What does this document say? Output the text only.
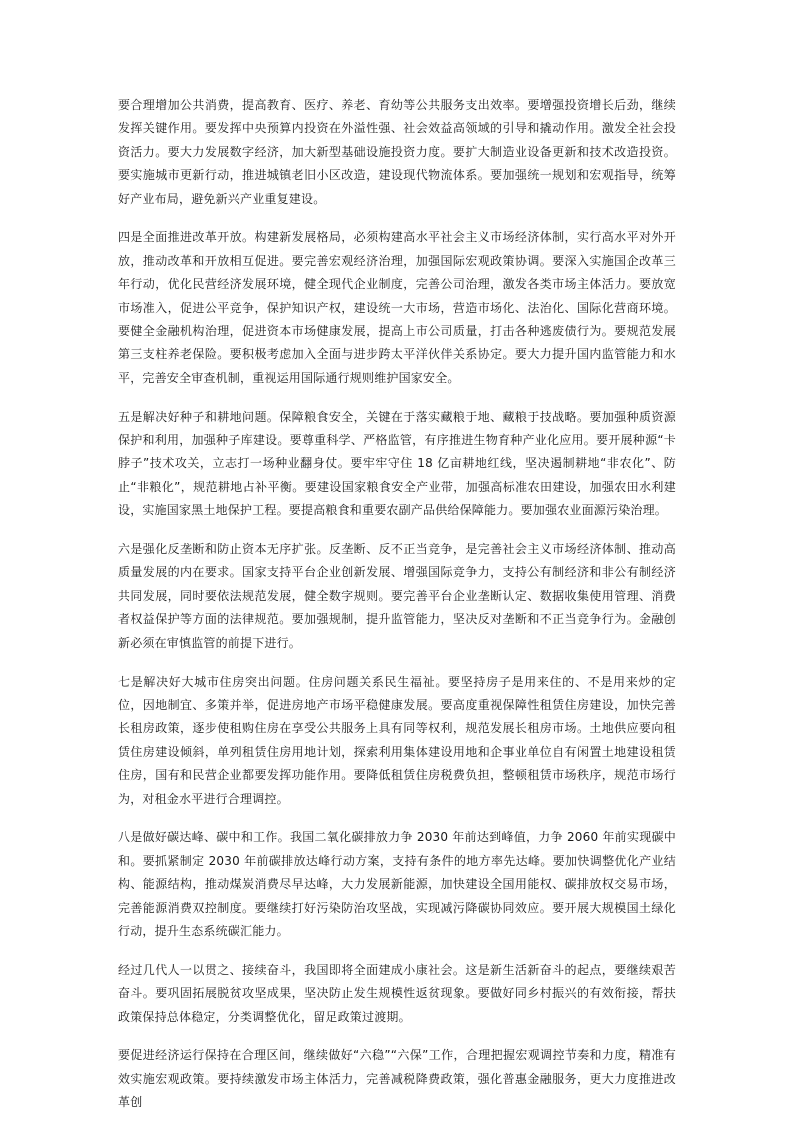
要合理增加公共消费，提高教育、医疗、养老、育幼等公共服务支出效率。要增强投资增长后劲，继续发挥关键作用。要发挥中央预算内投资在外溢性强、社会效益高领域的引导和撬动作用。激发全社会投资活力。要大力发展数字经济，加大新型基础设施投资力度。要扩大制造业设备更新和技术改造投资。要实施城市更新行动，推进城镇老旧小区改造，建设现代物流体系。要加强统一规划和宏观指导，统筹好产业布局，避免新兴产业重复建设。

四是全面推进改革开放。构建新发展格局，必须构建高水平社会主义市场经济体制，实行高水平对外开放，推动改革和开放相互促进。要完善宏观经济治理，加强国际宏观政策协调。要深入实施国企改革三年行动，优化民营经济发展环境，健全现代企业制度，完善公司治理，激发各类市场主体活力。要放宽市场准入，促进公平竞争，保护知识产权，建设统一大市场，营造市场化、法治化、国际化营商环境。要健全金融机构治理，促进资本市场健康发展，提高上市公司质量，打击各种逃废债行为。要规范发展第三支柱养老保险。要积极考虑加入全面与进步跨太平洋伙伴关系协定。要大力提升国内监管能力和水平，完善安全审查机制，重视运用国际通行规则维护国家安全。

五是解决好种子和耕地问题。保障粮食安全，关键在于落实藏粮于地、藏粮于技战略。要加强种质资源保护和利用，加强种子库建设。要尊重科学、严格监管，有序推进生物育种产业化应用。要开展种源“卡脖子”技术攻关，立志打一场种业翻身仗。要牢牢守住 18 亿亩耕地红线，坚决遏制耕地“非农化”、防止“非粮化”，规范耕地占补平衡。要建设国家粮食安全产业带，加强高标准农田建设，加强农田水利建设，实施国家黑土地保护工程。要提高粮食和重要农副产品供给保障能力。要加强农业面源污染治理。

六是强化反垄断和防止资本无序扩张。反垄断、反不正当竞争，是完善社会主义市场经济体制、推动高质量发展的内在要求。国家支持平台企业创新发展、增强国际竞争力，支持公有制经济和非公有制经济共同发展，同时要依法规范发展，健全数字规则。要完善平台企业垄断认定、数据收集使用管理、消费者权益保护等方面的法律规范。要加强规制，提升监管能力，坚决反对垄断和不正当竞争行为。金融创新必须在审慎监管的前提下进行。

七是解决好大城市住房突出问题。住房问题关系民生福祉。要坚持房子是用来住的、不是用来炒的定位，因地制宜、多策并举，促进房地产市场平稳健康发展。要高度重视保障性租赁住房建设，加快完善长租房政策，逐步使租购住房在享受公共服务上具有同等权利，规范发展长租房市场。土地供应要向租赁住房建设倾斜，单列租赁住房用地计划，探索利用集体建设用地和企事业单位自有闲置土地建设租赁住房，国有和民营企业都要发挥功能作用。要降低租赁住房税费负担，整顿租赁市场秩序，规范市场行为，对租金水平进行合理调控。

八是做好碳达峰、碳中和工作。我国二氧化碳排放力争 2030 年前达到峰值，力争 2060 年前实现碳中和。要抓紧制定 2030 年前碳排放达峰行动方案，支持有条件的地方率先达峰。要加快调整优化产业结构、能源结构，推动煤炭消费尽早达峰，大力发展新能源，加快建设全国用能权、碳排放权交易市场，完善能源消费双控制度。要继续打好污染防治攻坚战，实现减污降碳协同效应。要开展大规模国土绿化行动，提升生态系统碳汇能力。

经过几代人一以贯之、接续奋斗，我国即将全面建成小康社会。这是新生活新奋斗的起点，要继续艰苦奋斗。要巩固拓展脱贫攻坚成果，坚决防止发生规模性返贫现象。要做好同乡村振兴的有效衔接，帮扶政策保持总体稳定，分类调整优化，留足政策过渡期。

要促进经济运行保持在合理区间，继续做好“六稳”“六保”工作，合理把握宏观调控节奏和力度，精准有效实施宏观政策。要持续激发市场主体活力，完善减税降费政策，强化普惠金融服务，更大力度推进改革创
